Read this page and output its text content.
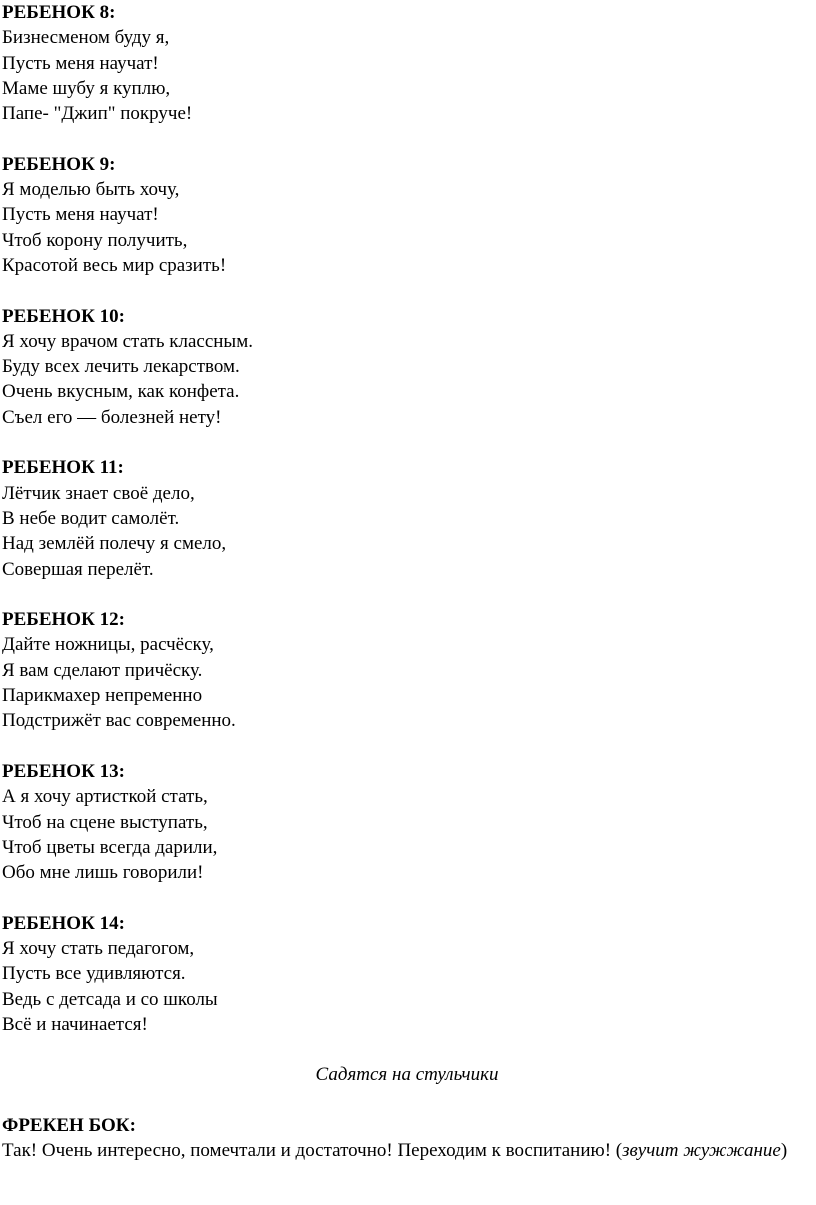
РЕБЕНОК 8:
Бизнесменом буду я,
Пусть меня научат!
Маме шубу я куплю,
Папе- "Джип" покруче!
РЕБЕНОК 9:
Я моделью быть хочу,
Пусть меня научат!
Чтоб корону получить,
Красотой весь мир сразить!
РЕБЕНОК 10:
Я хочу врачом стать классным.
Буду всех лечить лекарством.
Очень вкусным, как конфета.
Съел его — болезней нету!
РЕБЕНОК 11:
Лётчик знает своё дело,
В небе водит самолёт.
Над землёй полечу я смело,
Совершая перелёт.
РЕБЕНОК 12:
Дайте ножницы, расчёску,
Я вам сделают причёску.
Парикмахер непременно
Подстрижёт вас современно.
РЕБЕНОК 13:
А я хочу артисткой стать,
Чтоб на сцене выступать,
Чтоб цветы всегда дарили,
Обо мне лишь говорили!
РЕБЕНОК 14:
Я хочу стать педагогом,
Пусть все удивляются.
Ведь с детсада и со школы
Всё и начинается!
Садятся на стульчики
ФРЕКЕН БОК:
Так! Очень интересно, помечтали и достаточно! Переходим к воспитанию! (звучит жужжание)
